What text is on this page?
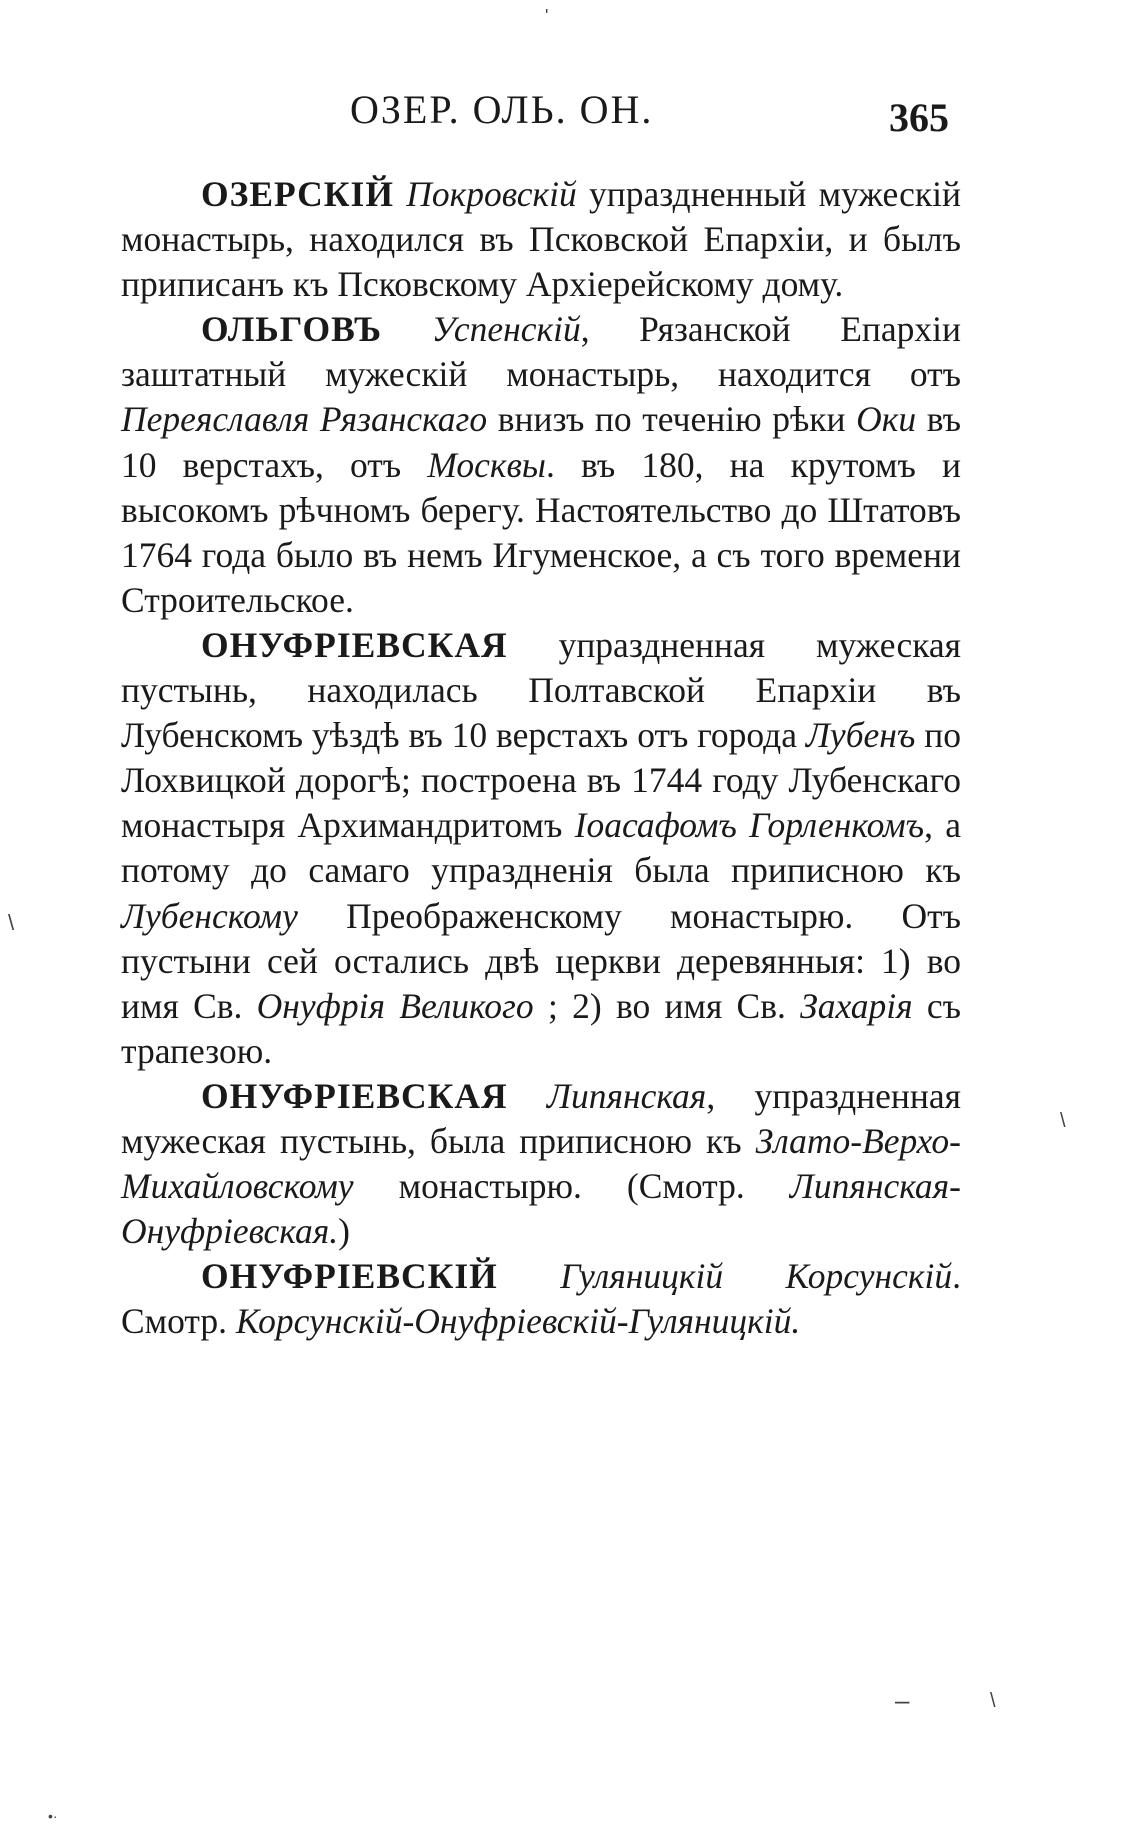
ОЗЕР. ОЛЬ. ОН.	365

ОЗЕРСКІЙ Покровскій упраздненный мужескій монастырь, находился въ Псковской Епархіи, и былъ приписанъ къ Псковскому Архіерейскому дому.

ОЛЬГОВЪ Успенскій, Рязанской Епархіи заштатный мужескій монастырь, находится отъ Переяславля Рязанскаго внизъ по теченію рѣки Оки въ 10 верстахъ, отъ Москвы. въ 180, на крутомъ и высокомъ рѣчномъ берегу. Настоятельство до Штатовъ 1764 года было въ немъ Игуменское, а съ того времени Строительское.

ОНУФРІЕВСКАЯ упраздненная мужеская пустынь, находилась Полтавской Епархіи въ Лубенскомъ уѣздѣ въ 10 верстахъ отъ города Лубенъ по Лохвицкой дорогѣ; построена въ 1744 году Лубенскаго монастыря Архимандритомъ Іоасафомъ Горленкомъ, а потому до самаго упраздненія была приписною къ Лубенскому Преображенскому монастырю. Отъ пустыни сей остались двѣ церкви деревянныя: 1) во имя Св. Онуфрія Великого ; 2) во имя Св. Захарія съ трапезою.

ОНУФРІЕВСКАЯ Липянская, упраздненная мужеская пустынь, была приписною къ Злато-Верхо-Михайловскому монастырю. (Смотр. Липянская-Онуфріевская.)

ОНУФРІЕВСКІЙ Гуляницкій Корсунскій. Смотр. Корсунскій-Онуфріевскій-Гуляницкій.

'
\
\
–	\
•·
